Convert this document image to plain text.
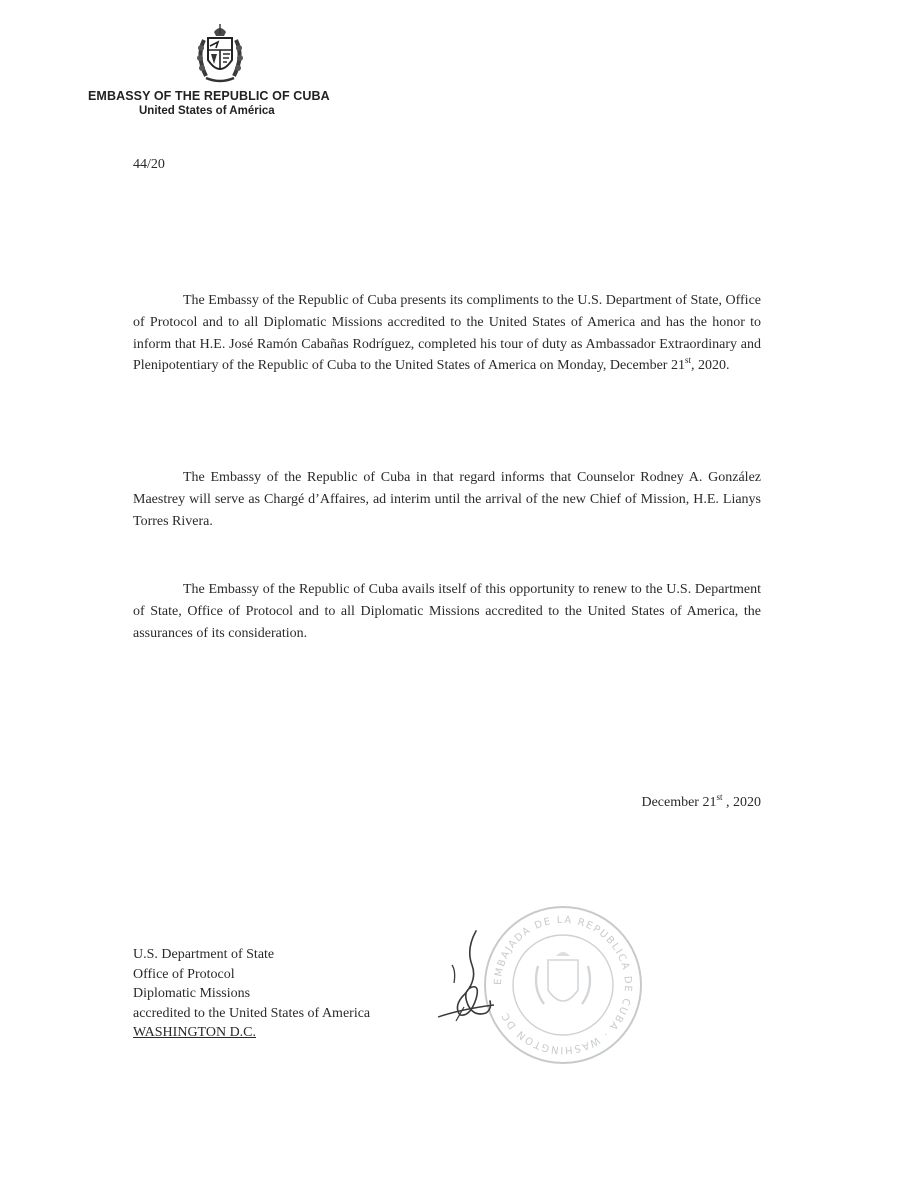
EMBASSY OF THE REPUBLIC OF CUBA
United States of América
44/20

The Embassy of the Republic of Cuba presents its compliments to the U.S. Department of State, Office of Protocol and to all Diplomatic Missions accredited to the United States of America and has the honor to inform that H.E. José Ramón Cabañas Rodríguez, completed his tour of duty as Ambassador Extraordinary and Plenipotentiary of the Republic of Cuba to the United States of America on Monday, December 21st, 2020.

The Embassy of the Republic of Cuba in that regard informs that Counselor Rodney A. González Maestrey will serve as Chargé d’Affaires, ad interim until the arrival of the new Chief of Mission, H.E. Lianys Torres Rivera.

The Embassy of the Republic of Cuba avails itself of this opportunity to renew to the U.S. Department of State, Office of Protocol and to all Diplomatic Missions accredited to the United States of America, the assurances of its consideration.

December 21st , 2020
U.S. Department of State
Office of Protocol
Diplomatic Missions
accredited to the United States of America
WASHINGTON D.C.
EMBAJADA DE LA REPUBLICA DE CUBA · WASHINGTON DC
